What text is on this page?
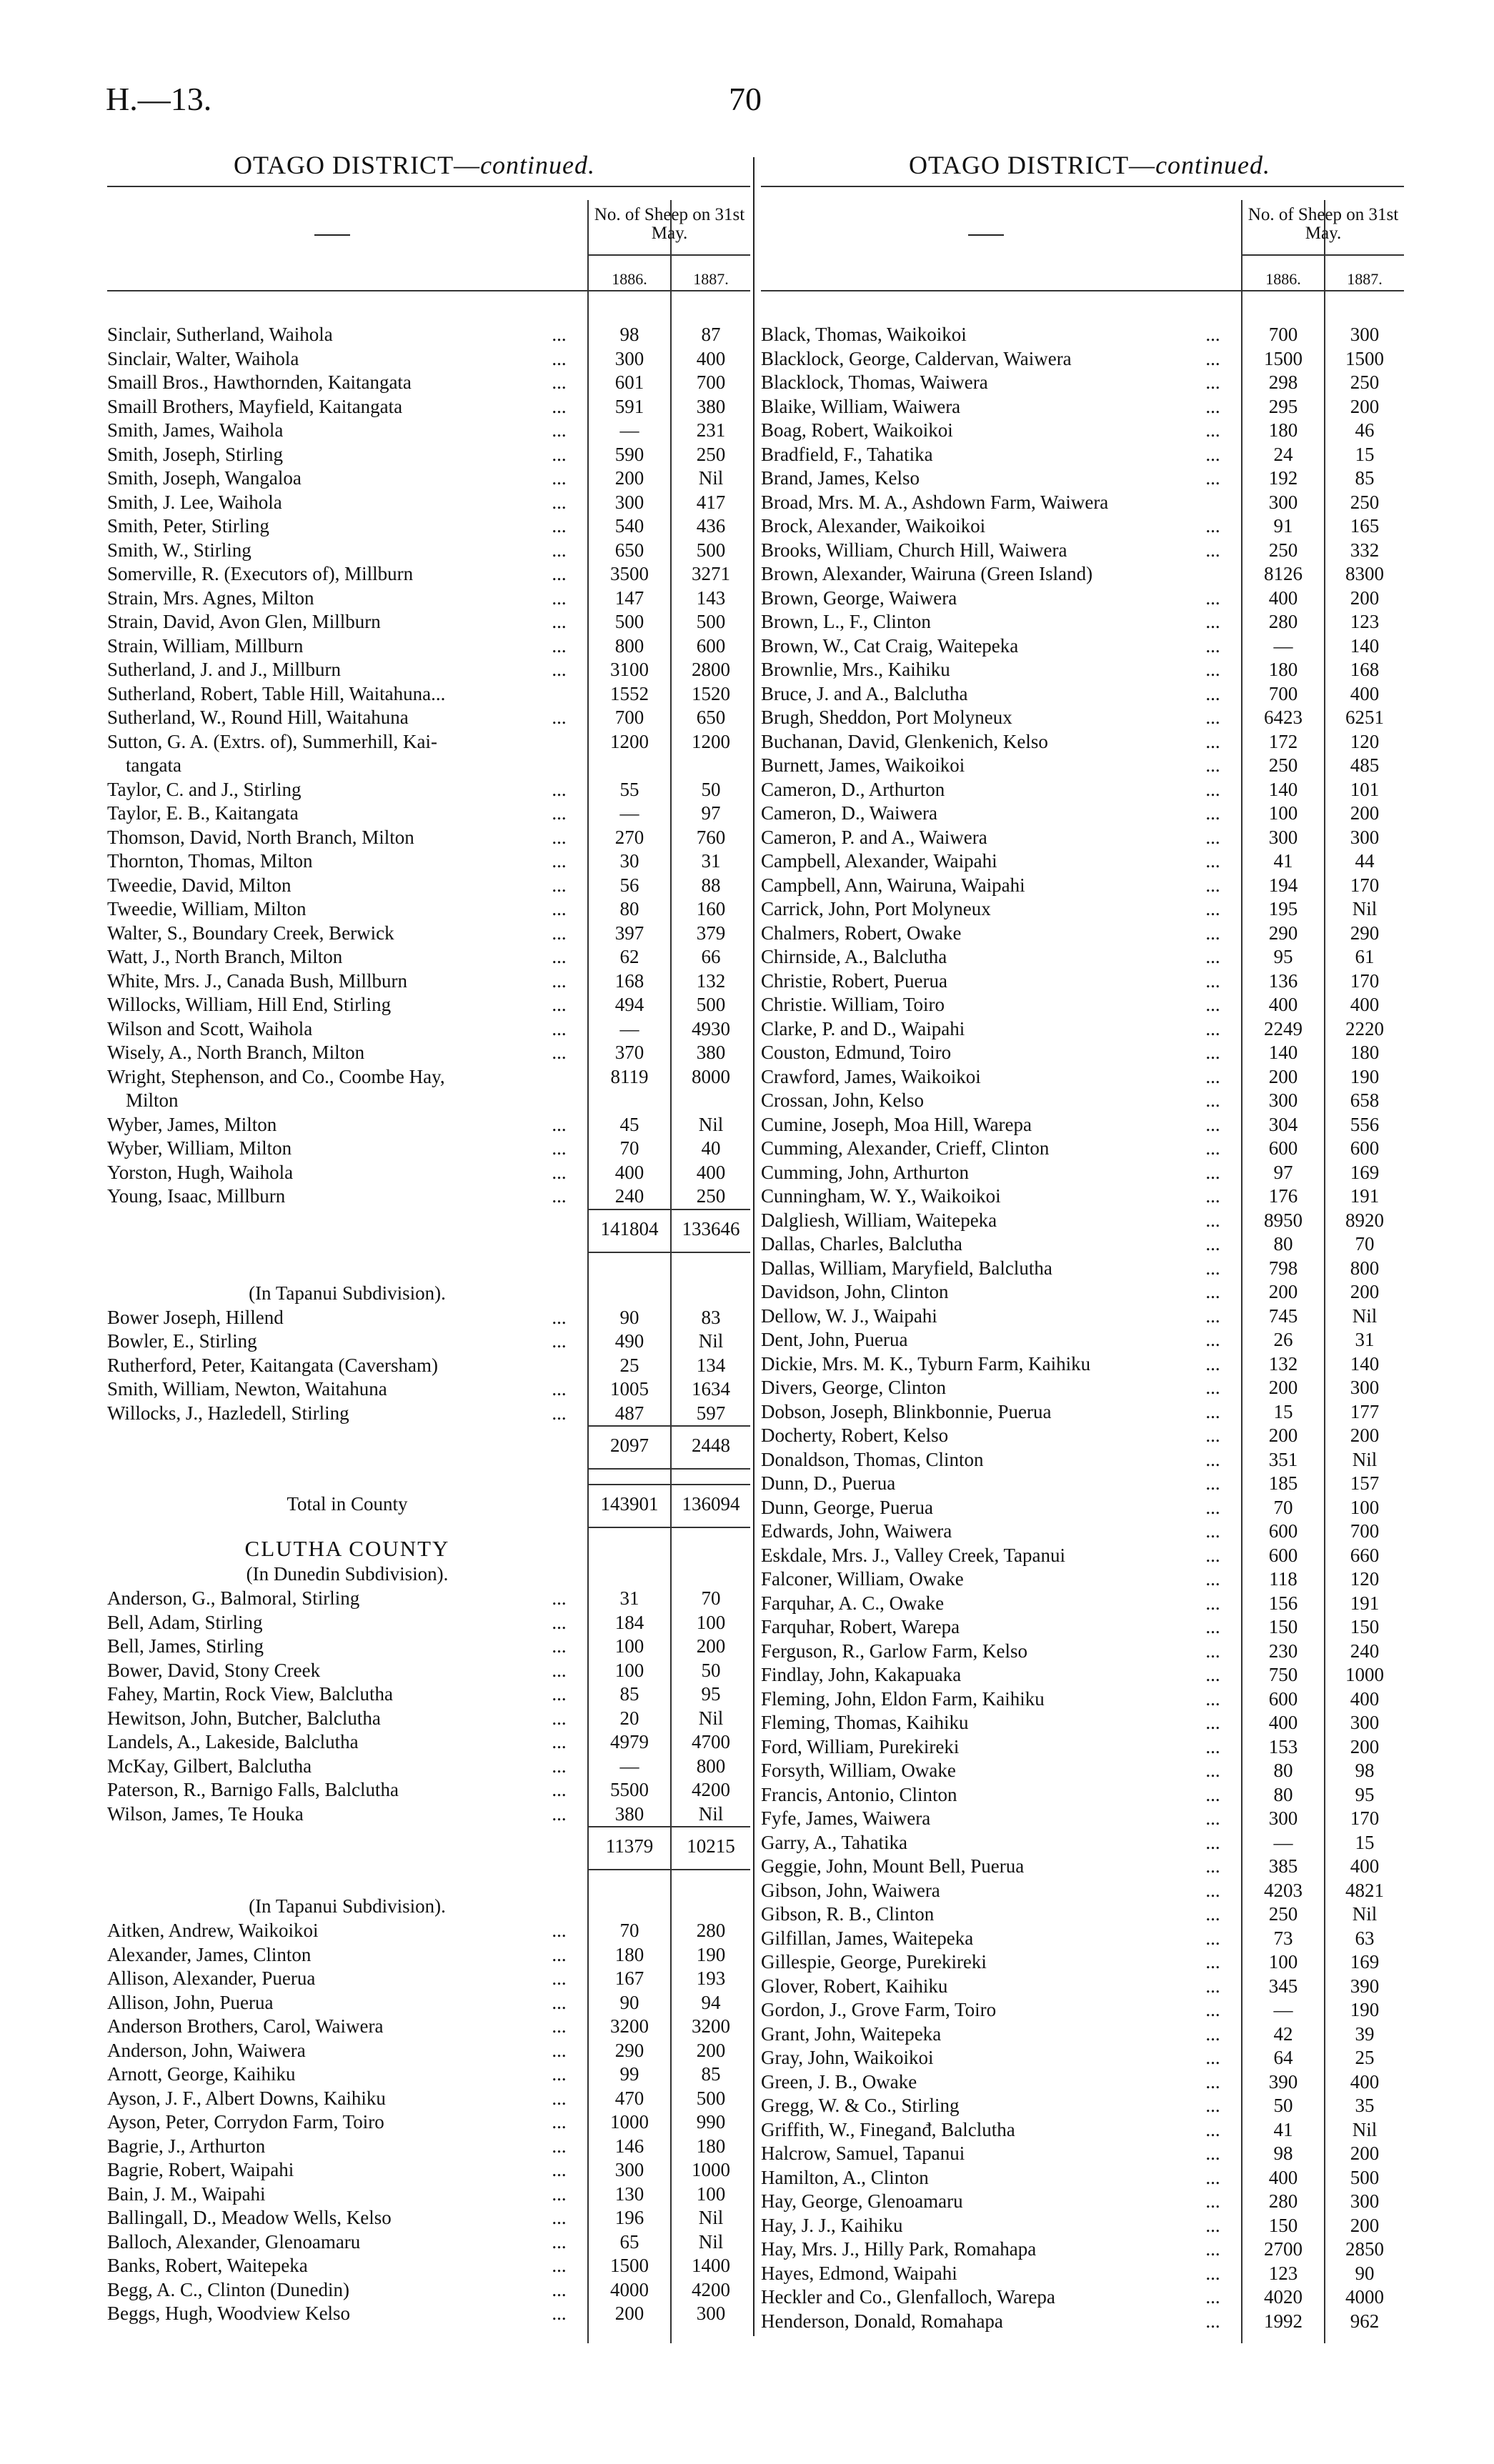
H.—13.	70
OTAGO DISTRICT—continued.	OTAGO DISTRICT—continued.
No. of Sheep on 31st May.
1886.	1887.
Sinclair, Sutherland, Waihola	...	98	87
Sinclair, Walter, Waihola	...	300	400
Smaill Bros., Hawthornden, Kaitangata	...	601	700
Smaill Brothers, Mayfield, Kaitangata	...	591	380
Smith, James, Waihola	...	—	231
Smith, Joseph, Stirling	...	590	250
Smith, Joseph, Wangaloa	...	200	Nil
Smith, J. Lee, Waihola	...	300	417
Smith, Peter, Stirling	...	540	436
Smith, W., Stirling	...	650	500
Somerville, R. (Executors of), Millburn	...	3500	3271
Strain, Mrs. Agnes, Milton	...	147	143
Strain, David, Avon Glen, Millburn	...	500	500
Strain, William, Millburn	...	800	600
Sutherland, J. and J., Millburn	...	3100	2800
Sutherland, Robert, Table Hill, Waitahuna...	1552	1520
Sutherland, W., Round Hill, Waitahuna	...	700	650
Sutton, G. A. (Extrs. of), Summerhill, Kai-	1200	1200
tangata
Taylor, C. and J., Stirling	...	55	50
Taylor, E. B., Kaitangata	...	—	97
Thomson, David, North Branch, Milton	...	270	760
Thornton, Thomas, Milton	...	30	31
Tweedie, David, Milton	...	56	88
Tweedie, William, Milton	...	80	160
Walter, S., Boundary Creek, Berwick	...	397	379
Watt, J., North Branch, Milton	...	62	66
White, Mrs. J., Canada Bush, Millburn	...	168	132
Willocks, William, Hill End, Stirling	...	494	500
Wilson and Scott, Waihola	...	—	4930
Wisely, A., North Branch, Milton	...	370	380
Wright, Stephenson, and Co., Coombe Hay,	8119	8000
Milton
Wyber, James, Milton	...	45	Nil
Wyber, William, Milton	...	70	40
Yorston, Hugh, Waihola	...	400	400
Young, Isaac, Millburn	...	240	250
141804	133646
(In Tapanui Subdivision).
Bower Joseph, Hillend	...	90	83
Bowler, E., Stirling	...	490	Nil
Rutherford, Peter, Kaitangata (Caversham)	25	134
Smith, William, Newton, Waitahuna	...	1005	1634
Willocks, J., Hazledell, Stirling	...	487	597
2097	2448
Total in County	143901	136094
CLUTHA COUNTY
(In Dunedin Subdivision).
Anderson, G., Balmoral, Stirling	...	31	70
Bell, Adam, Stirling	...	184	100
Bell, James, Stirling	...	100	200
Bower, David, Stony Creek	...	100	50
Fahey, Martin, Rock View, Balclutha	...	85	95
Hewitson, John, Butcher, Balclutha	...	20	Nil
Landels, A., Lakeside, Balclutha	...	4979	4700
McKay, Gilbert, Balclutha	...	—	800
Paterson, R., Barnigo Falls, Balclutha	...	5500	4200
Wilson, James, Te Houka	...	380	Nil
11379	10215
(In Tapanui Subdivision).
Aitken, Andrew, Waikoikoi	...	70	280
Alexander, James, Clinton	...	180	190
Allison, Alexander, Puerua	...	167	193
Allison, John, Puerua	...	90	94
Anderson Brothers, Carol, Waiwera	...	3200	3200
Anderson, John, Waiwera	...	290	200
Arnott, George, Kaihiku	...	99	85
Ayson, J. F., Albert Downs, Kaihiku	...	470	500
Ayson, Peter, Corrydon Farm, Toiro	...	1000	990
Bagrie, J., Arthurton	...	146	180
Bagrie, Robert, Waipahi	...	300	1000
Bain, J. M., Waipahi	...	130	100
Ballingall, D., Meadow Wells, Kelso	...	196	Nil
Balloch, Alexander, Glenoamaru	...	65	Nil
Banks, Robert, Waitepeka	...	1500	1400
Begg, A. C., Clinton (Dunedin)	...	4000	4200
Beggs, Hugh, Woodview Kelso	...	200	300
No. of Sheep on 31st May.
1886.	1887.
Black, Thomas, Waikoikoi	...	700	300
Blacklock, George, Caldervan, Waiwera	...	1500	1500
Blacklock, Thomas, Waiwera	...	298	250
Blaike, William, Waiwera	...	295	200
Boag, Robert, Waikoikoi	...	180	46
Bradfield, F., Tahatika	...	24	15
Brand, James, Kelso	...	192	85
Broad, Mrs. M. A., Ashdown Farm, Waiwera	300	250
Brock, Alexander, Waikoikoi	...	91	165
Brooks, William, Church Hill, Waiwera	...	250	332
Brown, Alexander, Wairuna (Green Island)	8126	8300
Brown, George, Waiwera	...	400	200
Brown, L., F., Clinton	...	280	123
Brown, W., Cat Craig, Waitepeka	...	—	140
Brownlie, Mrs., Kaihiku	...	180	168
Bruce, J. and A., Balclutha	...	700	400
Brugh, Sheddon, Port Molyneux	...	6423	6251
Buchanan, David, Glenkenich, Kelso	...	172	120
Burnett, James, Waikoikoi	...	250	485
Cameron, D., Arthurton	...	140	101
Cameron, D., Waiwera	...	100	200
Cameron, P. and A., Waiwera	...	300	300
Campbell, Alexander, Waipahi	...	41	44
Campbell, Ann, Wairuna, Waipahi	...	194	170
Carrick, John, Port Molyneux	...	195	Nil
Chalmers, Robert, Owake	...	290	290
Chirnside, A., Balclutha	...	95	61
Christie, Robert, Puerua	...	136	170
Christie. William, Toiro	...	400	400
Clarke, P. and D., Waipahi	...	2249	2220
Couston, Edmund, Toiro	...	140	180
Crawford, James, Waikoikoi	...	200	190
Crossan, John, Kelso	...	300	658
Cumine, Joseph, Moa Hill, Warepa	...	304	556
Cumming, Alexander, Crieff, Clinton	...	600	600
Cumming, John, Arthurton	...	97	169
Cunningham, W. Y., Waikoikoi	...	176	191
Dalgliesh, William, Waitepeka	...	8950	8920
Dallas, Charles, Balclutha	...	80	70
Dallas, William, Maryfield, Balclutha	...	798	800
Davidson, John, Clinton	...	200	200
Dellow, W. J., Waipahi	...	745	Nil
Dent, John, Puerua	...	26	31
Dickie, Mrs. M. K., Tyburn Farm, Kaihiku	...	132	140
Divers, George, Clinton	...	200	300
Dobson, Joseph, Blinkbonnie, Puerua	...	15	177
Docherty, Robert, Kelso	...	200	200
Donaldson, Thomas, Clinton	...	351	Nil
Dunn, D., Puerua	...	185	157
Dunn, George, Puerua	...	70	100
Edwards, John, Waiwera	...	600	700
Eskdale, Mrs. J., Valley Creek, Tapanui	...	600	660
Falconer, William, Owake	...	118	120
Farquhar, A. C., Owake	...	156	191
Farquhar, Robert, Warepa	...	150	150
Ferguson, R., Garlow Farm, Kelso	...	230	240
Findlay, John, Kakapuaka	...	750	1000
Fleming, John, Eldon Farm, Kaihiku	...	600	400
Fleming, Thomas, Kaihiku	...	400	300
Ford, William, Purekireki	...	153	200
Forsyth, William, Owake	...	80	98
Francis, Antonio, Clinton	...	80	95
Fyfe, James, Waiwera	...	300	170
Garry, A., Tahatika	...	—	15
Geggie, John, Mount Bell, Puerua	...	385	400
Gibson, John, Waiwera	...	4203	4821
Gibson, R. B., Clinton	...	250	Nil
Gilfillan, James, Waitepeka	...	73	63
Gillespie, George, Purekireki	...	100	169
Glover, Robert, Kaihiku	...	345	390
Gordon, J., Grove Farm, Toiro	...	—	190
Grant, John, Waitepeka	...	42	39
Gray, John, Waikoikoi	...	64	25
Green, J. B., Owake	...	390	400
Gregg, W. & Co., Stirling	...	50	35
Griffith, W., Fineganđ, Balclutha	...	41	Nil
Halcrow, Samuel, Tapanui	...	98	200
Hamilton, A., Clinton	...	400	500
Hay, George, Glenoamaru	...	280	300
Hay, J. J., Kaihiku	...	150	200
Hay, Mrs. J., Hilly Park, Romahapa	...	2700	2850
Hayes, Edmond, Waipahi	...	123	90
Heckler and Co., Glenfalloch, Warepa	...	4020	4000
Henderson, Donald, Romahapa	...	1992	962
